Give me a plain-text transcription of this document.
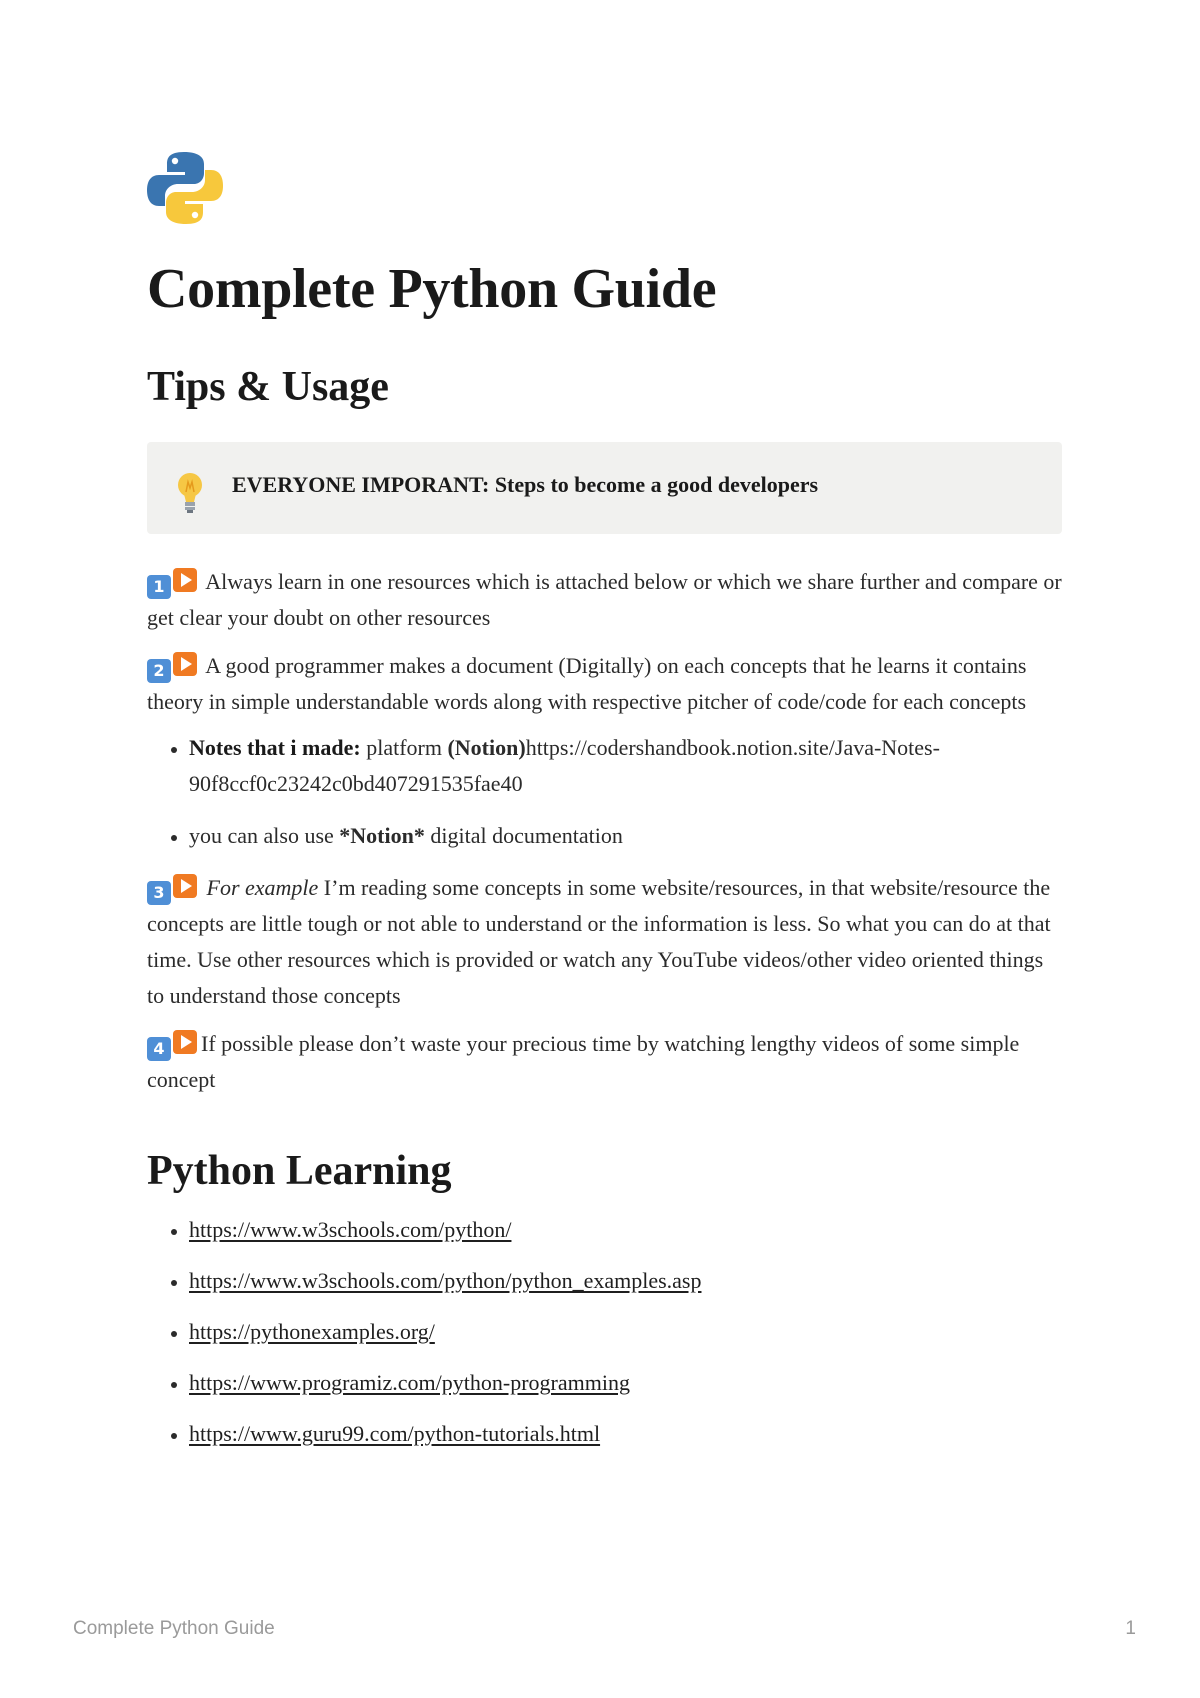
Complete Python Guide
Tips & Usage
EVERYONE IMPORANT: Steps to become a good developers

1 Always learn in one resources which is attached below or which we share further and compare or get clear your doubt on other resources

2 A good programmer makes a document (Digitally) on each concepts that he learns it contains theory in simple understandable words along with respective pitcher of code/code for each concepts

• Notes that i made: platform (Notion)https://codershandbook.notion.site/Java-Notes-90f8ccf0c23242c0bd407291535fae40
• you can also use *Notion* digital documentation

3 For example I’m reading some concepts in some website/resources, in that website/resource the concepts are little tough or not able to understand or the information is less. So what you can do at that time. Use other resources which is provided or watch any YouTube videos/other video oriented things to understand those concepts

4 If possible please don’t waste your precious time by watching lengthy videos of some simple concept

Python Learning
• https://www.w3schools.com/python/
• https://www.w3schools.com/python/python_examples.asp
• https://pythonexamples.org/
• https://www.programiz.com/python-programming
• https://www.guru99.com/python-tutorials.html
Complete Python Guide	1
